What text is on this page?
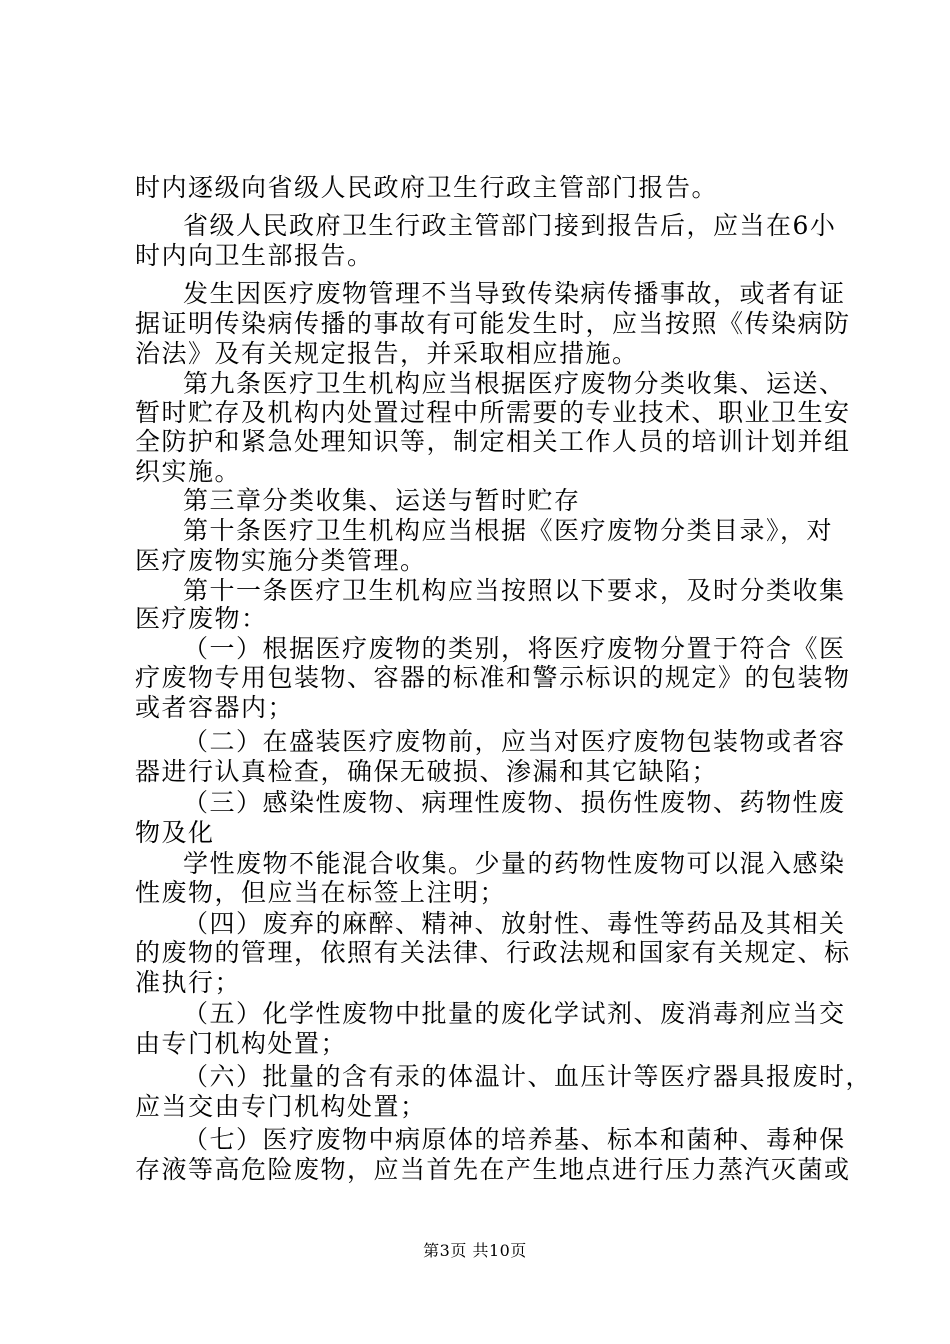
时内逐级向省级人民政府卫生行政主管部门报告。
省级人民政府卫生行政主管部门接到报告后，应当在6小
时内向卫生部报告。
发生因医疗废物管理不当导致传染病传播事故，或者有证
据证明传染病传播的事故有可能发生时，应当按照《传染病防
治法》及有关规定报告，并采取相应措施。
第九条医疗卫生机构应当根据医疗废物分类收集、运送、
暂时贮存及机构内处置过程中所需要的专业技术、职业卫生安
全防护和紧急处理知识等，制定相关工作人员的培训计划并组
织实施。
第三章分类收集、运送与暂时贮存
第十条医疗卫生机构应当根据《医疗废物分类目录》，对
医疗废物实施分类管理。
第十一条医疗卫生机构应当按照以下要求，及时分类收集
医疗废物：
（一）根据医疗废物的类别，将医疗废物分置于符合《医
疗废物专用包装物、容器的标准和警示标识的规定》的包装物
或者容器内；
（二）在盛装医疗废物前，应当对医疗废物包装物或者容
器进行认真检查，确保无破损、渗漏和其它缺陷；
（三）感染性废物、病理性废物、损伤性废物、药物性废
物及化
学性废物不能混合收集。少量的药物性废物可以混入感染
性废物，但应当在标签上注明；
（四）废弃的麻醉、精神、放射性、毒性等药品及其相关
的废物的管理，依照有关法律、行政法规和国家有关规定、标
准执行；
（五）化学性废物中批量的废化学试剂、废消毒剂应当交
由专门机构处置；
（六）批量的含有汞的体温计、血压计等医疗器具报废时，
应当交由专门机构处置；
（七）医疗废物中病原体的培养基、标本和菌种、毒种保
存液等高危险废物，应当首先在产生地点进行压力蒸汽灭菌或
第3页 共10页
